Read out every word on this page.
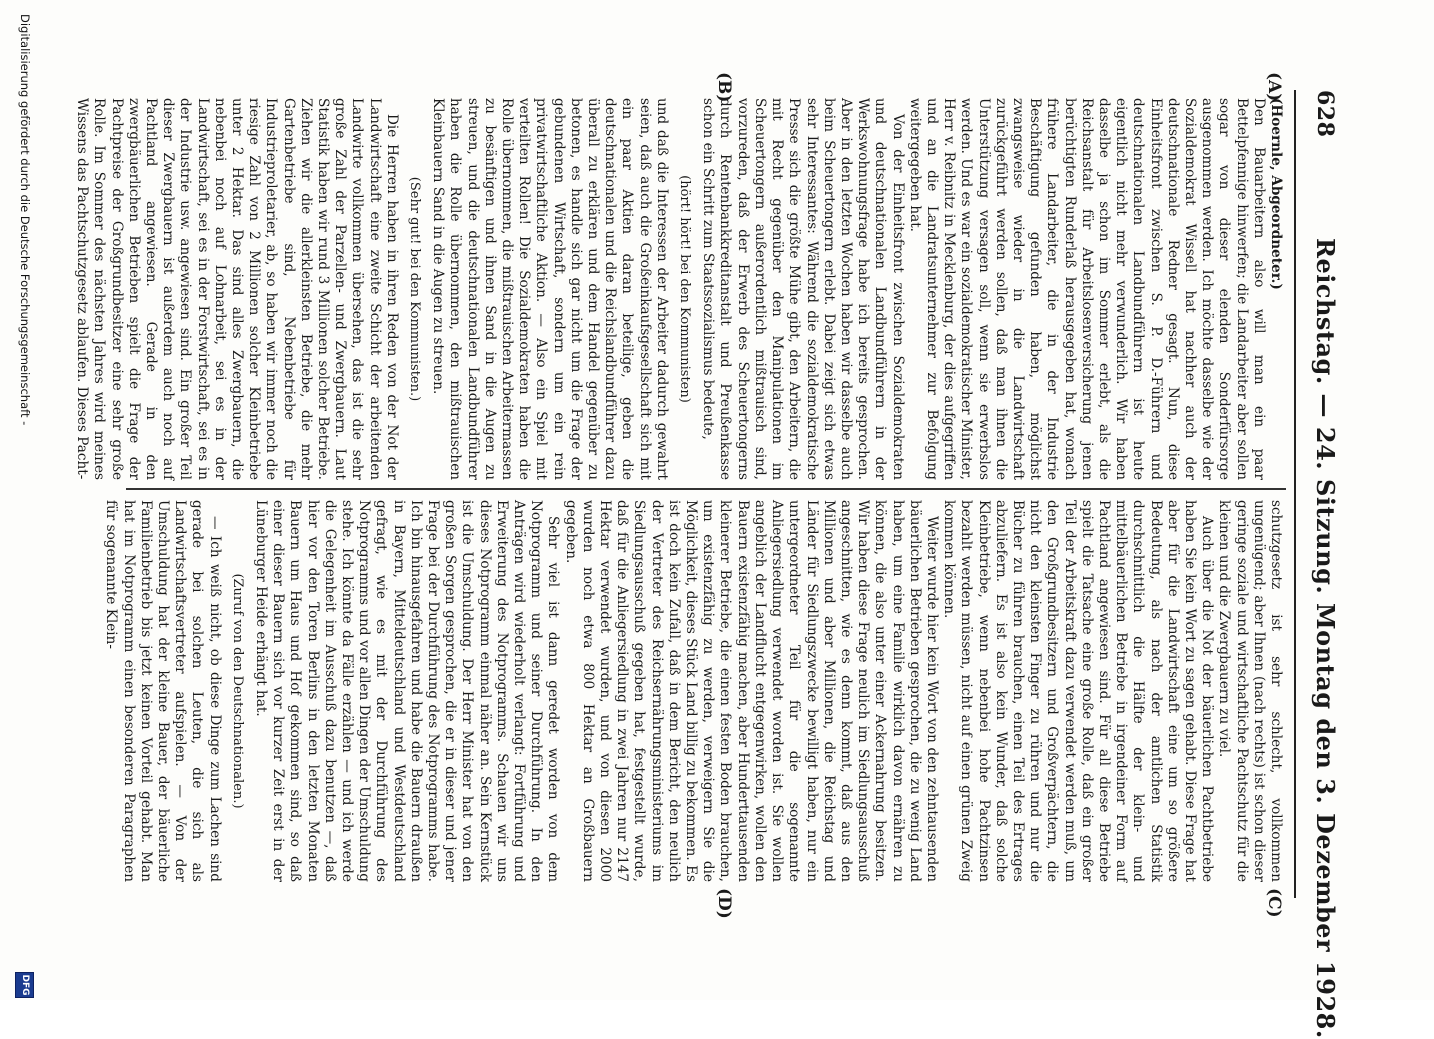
628
Reichstag. — 24. Sitzung. Montag den 3. Dezember 1928.
(A)
(B)
(C)
(D)

(Hoernle, Abgeordneter.)

Den Bauarbeitern also will man ein paar Bettelpfennige hinwerfen; die Landarbeiter aber sollen sogar von dieser elenden Sonderfürsorge ausgenommen werden. Ich möchte dasselbe wie der Sozialdemokrat Wissell hat nachher auch der deutschnationale Redner gesagt. Nun, diese Einheitsfront zwischen S. P. D.-Führern und deutschnationalen Landbundführern ist heute eigentlich nicht mehr verwunderlich. Wir haben dasselbe ja schon im Sommer erlebt, als die Reichsanstalt für Arbeitslosenversicherung jenen berüchtigten Runderlaß herausgegeben hat, wonach frühere Landarbeiter, die in der Industrie Beschäftigung gefunden haben, möglichst zwangsweise wieder in die Landwirtschaft zurückgeführt werden sollen, daß man ihnen die Unterstützung versagen soll, wenn sie erwerbslos werden. Und es war ein sozialdemokratischer Minister, Herr v. Reibnitz in Mecklenburg, der dies aufgegriffen und an die Landratsunternehmer zur Befolgung weitergegeben hat.

Von der Einheitsfront zwischen Sozialdemokraten und deutschnationalen Landbundführern in der Werkswohnungsfrage habe ich bereits gesprochen. Aber in den letzten Wochen haben wir dasselbe auch beim Scheuertongern erlebt. Dabei zeigt sich etwas sehr Interessantes: Während die sozialdemokratische Presse sich die größte Mühe gibt, den Arbeitern, die mit Recht gegenüber den Manipulationen im Scheuertongern außerordentlich mißtrauisch sind, vorzureden, daß der Erwerb des Scheuertongerns durch Rentenbankkreditanstalt und Preußenkasse schon ein Schritt zum Staatssozialismus bedeute,

(hört! hört! bei den Kommunisten)

und daß die Interessen der Arbeiter dadurch gewahrt seien, daß auch die Großeinkaufsgesellschaft sich mit ein paar Aktien daran beteilige, geben die deutschnationalen und die Reichslandbundführer dazu überall zu erklären und dem Handel gegenüber zu betonen, es handle sich gar nicht um die Frage der gebundenen Wirtschaft, sondern um ein rein privatwirtschaftliche Aktion. — Also ein Spiel mit verteilten Rollen! Die Sozialdemokraten haben die Rolle übernommen, die mißtrauischen Arbeitermassen zu besänftigen und ihnen Sand in die Augen zu streuen, und die deutschnationalen Landbundführer haben die Rolle übernommen, den mißtrauischen Kleinbauern Sand in die Augen zu streuen.

(Sehr gut! bei den Kommunisten.)

Die Herren haben in ihren Reden von der Not der Landwirtschaft eine zweite Schicht der arbeitenden Landwirte vollkommen übersehen, das ist die sehr große Zahl der Parzellen- und Zwergbauern. Laut Statistik haben wir rund 3 Millionen solcher Betriebe. Ziehen wir die allerkleinsten Betriebe, die mehr Gartenbetriebe sind, Nebenbetriebe für Industrieproletarier, ab, so haben wir immer noch die riesige Zahl von 2 Millionen solcher Kleinbetriebe unter 2 Hektar. Das sind alles Zwergbauern, die nebenbei noch auf Lohnarbeit, sei es in der Landwirtschaft, sei es in der Forstwirtschaft, sei es in der Industrie usw. angewiesen sind. Ein großer Teil dieser Zwergbauern ist außerdem auch noch auf Pachtland angewiesen. Gerade in den zwergbäuerlichen Betrieben spielt die Frage der Pachtpreise der Großgrundbesitzer eine sehr große Rolle. Im Sommer des nächsten Jahres wird meines Wissens das Pachtschutzgesetz ablaufen. Dieses Pacht-

schutzgesetz ist sehr schlecht, vollkommen ungenügend; aber Ihnen (nach rechts) ist schon dieser geringe soziale und wirtschaftliche Pachtschutz für die kleinen und die Zwergbauern zu viel.

Auch über die Not der bäuerlichen Pachtbetriebe haben Sie kein Wort zu sagen gehabt. Diese Frage hat aber für die Landwirtschaft eine um so größere Bedeutung, als nach der amtlichen Statistik durchschnittlich die Hälfte der klein- und mittelbäuerlichen Betriebe in irgendeiner Form auf Pachtland angewiesen sind. Für all diese Betriebe spielt die Tatsache eine große Rolle, daß ein großer Teil der Arbeitskraft dazu verwendet werden muß, um den Großgrundbesitzern und Großverpächtern, die nicht den kleinsten Finger zu rühren und nur die Bücher zu führen brauchen, einen Teil des Ertrages abzuliefern. Es ist also kein Wunder, daß solche Kleinbetriebe, wenn nebenbei hohe Pachtzinsen bezahlt werden müssen, nicht auf einen grünen Zweig kommen können.

Weiter wurde hier kein Wort von den zehntausenden bäuerlichen Betrieben gesprochen, die zu wenig Land haben, um eine Familie wirklich davon ernähren zu können, die also unter einer Ackernahrung besitzen. Wir haben diese Frage neulich im Siedlungsausschuß angeschnitten, wie es denn kommt, daß aus den Millionen und aber Millionen, die Reichstag und Länder für Siedlungszwecke bewilligt haben, nur ein untergeordneter Teil für die sogenannte Anliegersiedlung verwendet worden ist. Sie wollen angeblich der Landflucht entgegenwirken, wollen den Bauern existenzfähig machen, aber Hunderttausenden kleinerer Betriebe, die einen festen Boden brauchen, um existenzfähig zu werden, verweigern Sie die Möglichkeit, dieses Stück Land billig zu bekommen. Es ist doch kein Zufall, daß in dem Bericht, den neulich der Vertreter des Reichsernährungsministeriums im Siedlungsausschuß gegeben hat, festgestellt wurde, daß für die Anliegersiedlung in zwei Jahren nur 2147 Hektar verwendet wurden, und von diesen 2000 wurden noch etwa 800 Hektar an Großbauern gegeben.

Sehr viel ist dann geredet worden von dem Notprogramm und seiner Durchführung. In den Anträgen wird wiederholt verlangt: Fortführung und Erweiterung des Notprogramms. Schauen wir uns dieses Notprogramm einmal näher an. Sein Kernstück ist die Umschuldung. Der Herr Minister hat von den großen Sorgen gesprochen, die er in dieser und jener Frage bei der Durchführung des Notprogramms habe. Ich bin hinausgefahren und habe die Bauern draußen in Bayern, Mitteldeutschland und Westdeutschland gefragt, wie es mit der Durchführung des Notprogramms und vor allen Dingen der Umschuldung stehe. Ich könnte da Fälle erzählen — und ich werde die Gelegenheit im Ausschuß dazu benutzen —, daß hier vor den Toren Berlins in den letzten Monaten Bauern um Haus und Hof gekommen sind, so daß einer dieser Bauern sich vor kurzer Zeit erst in der Lüneburger Heide erhängt hat.

(Zuruf von den Deutschnationalen.)

— Ich weiß nicht, ob diese Dinge zum Lachen sind gerade bei solchen Leuten, die sich als Landwirtschaftsvertreter aufspielen. — Von der Umschuldung hat der kleine Bauer, der bäuerliche Familienbetrieb bis jetzt keinen Vorteil gehabt. Man hat im Notprogramm einen besonderen Paragraphen für sogenannte Klein-

Digitalisierung gefördert durch die Deutsche Forschungsgemeinschaft -
DFG
